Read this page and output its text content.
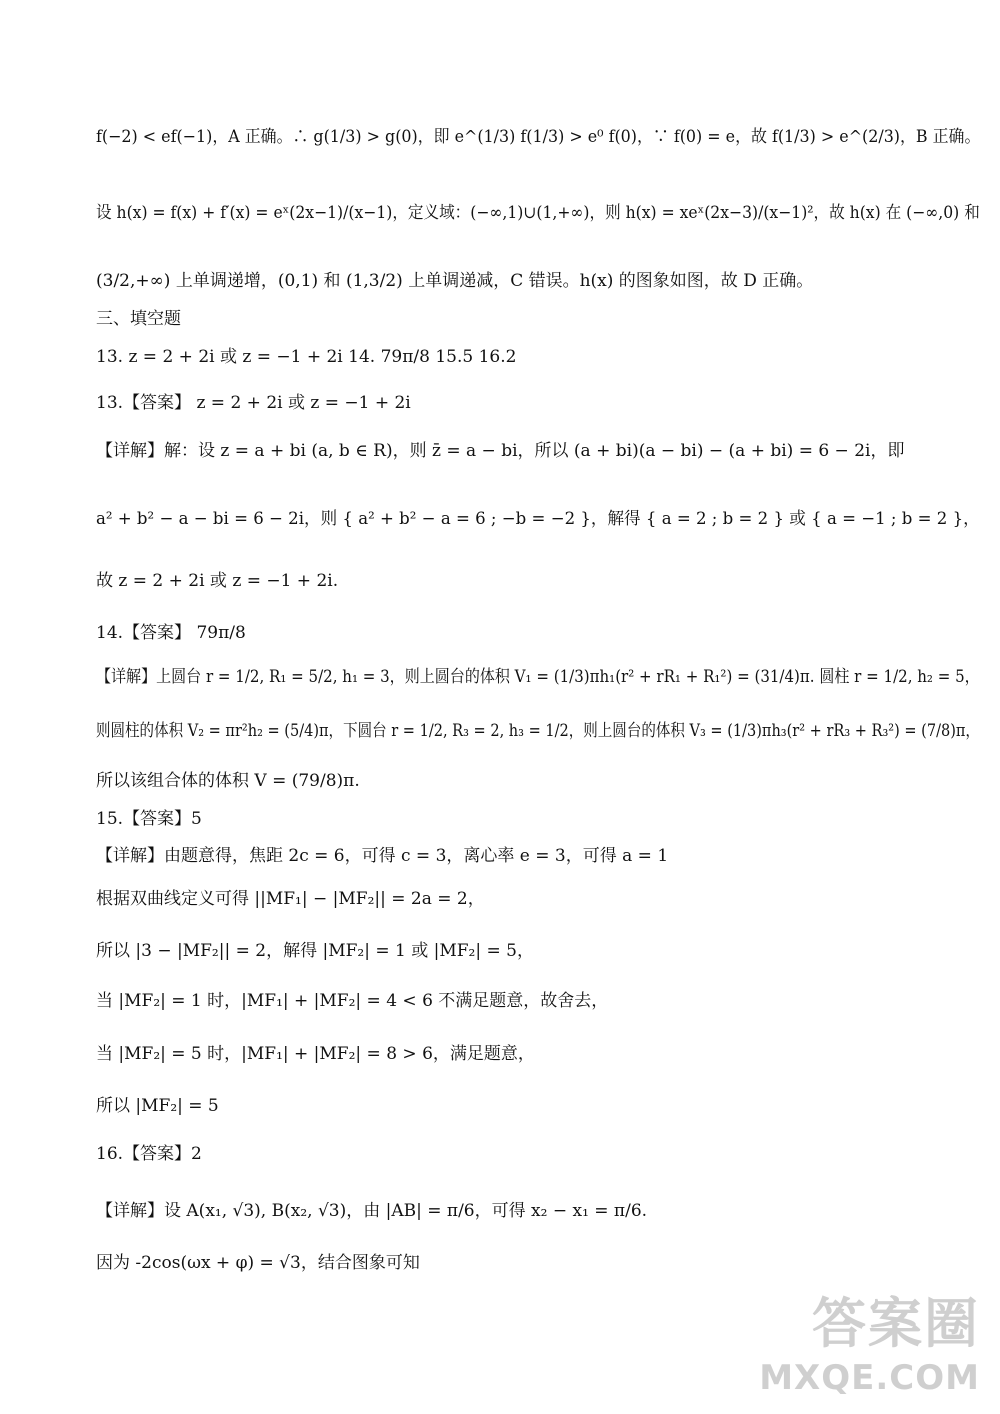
f(−2) < ef(−1)，A 正确。∴ g(1/3) > g(0)，即 e^(1/3) f(1/3) > e⁰ f(0)，∵ f(0) = e，故 f(1/3) > e^(2/3)，B 正确。
设 h(x) = f(x) + f′(x) = eˣ(2x−1)/(x−1)，定义域：(−∞,1)∪(1,+∞)，则 h(x) = xeˣ(2x−3)/(x−1)²，故 h(x) 在 (−∞,0) 和
(3/2,+∞) 上单调递增，(0,1) 和 (1,3/2) 上单调递减，C 错误。h(x) 的图象如图，故 D 正确。
三、填空题
13. z = 2 + 2i 或 z = −1 + 2i 14. 79π/8 15.5 16.2
13.【答案】 z = 2 + 2i 或 z = −1 + 2i
【详解】解：设 z = a + bi (a, b ∈ R)，则 z̄ = a − bi，所以 (a + bi)(a − bi) − (a + bi) = 6 − 2i，即
a² + b² − a − bi = 6 − 2i，则 { a² + b² − a = 6 ; −b = −2 }，解得 { a = 2 ; b = 2 } 或 { a = −1 ; b = 2 }，
故 z = 2 + 2i 或 z = −1 + 2i.
14.【答案】 79π/8
【详解】上圆台 r = 1/2, R₁ = 5/2, h₁ = 3，则上圆台的体积 V₁ = (1/3)πh₁(r² + rR₁ + R₁²) = (31/4)π. 圆柱 r = 1/2, h₂ = 5，
则圆柱的体积 V₂ = πr²h₂ = (5/4)π，下圆台 r = 1/2, R₃ = 2, h₃ = 1/2，则上圆台的体积 V₃ = (1/3)πh₃(r² + rR₃ + R₃²) = (7/8)π，
所以该组合体的体积 V = (79/8)π.
15.【答案】5
【详解】由题意得，焦距 2c = 6，可得 c = 3，离心率 e = 3，可得 a = 1
根据双曲线定义可得 ||MF₁| − |MF₂|| = 2a = 2，
所以 |3 − |MF₂|| = 2，解得 |MF₂| = 1 或 |MF₂| = 5，
当 |MF₂| = 1 时，|MF₁| + |MF₂| = 4 < 6 不满足题意，故舍去，
当 |MF₂| = 5 时，|MF₁| + |MF₂| = 8 > 6，满足题意，
所以 |MF₂| = 5
16.【答案】2
【详解】设 A(x₁, √3), B(x₂, √3)，由 |AB| = π/6，可得 x₂ − x₁ = π/6.
因为 -2cos(ωx + φ) = √3，结合图象可知
答案圈
MXQE.COM
